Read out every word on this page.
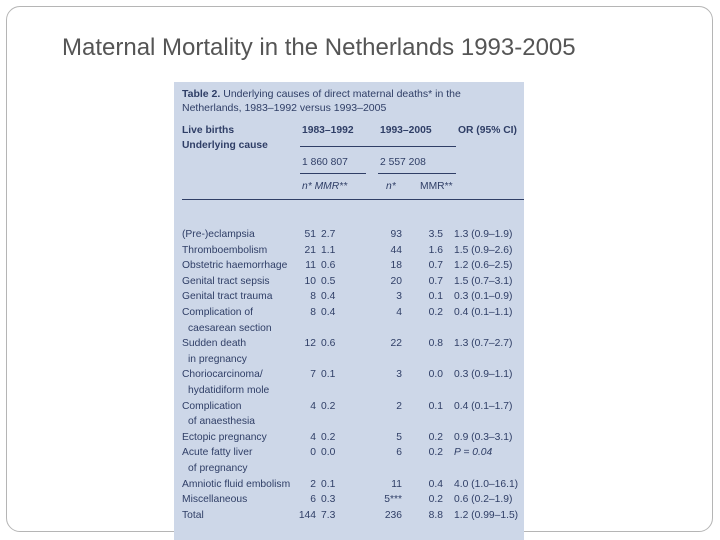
Maternal Mortality in the Netherlands 1993-2005
Table 2. Underlying causes of direct maternal deaths* in the Netherlands, 1983–1992 versus 1993–2005
Live births
Underlying cause
1983–1992	1993–2005	OR (95% CI)
1 860 807	2 557 208
n* MMR**	n* MMR**
(Pre-)eclampsia	51 2.7	93	3.5 1.3 (0.9–1.9)
Thromboembolism	21 1.1	44	1.6 1.5 (0.9–2.6)
Obstetric haemorrhage	11 0.6	18	0.7 1.2 (0.6–2.5)
Genital tract sepsis	10 0.5	20	0.7 1.5 (0.7–3.1)
Genital tract trauma	8 0.4	3	0.1 0.3 (0.1–0.9)
Complication of	8 0.4	4	0.2 0.4 (0.1–1.1)
caesarean section
Sudden death	12 0.6	22	0.8 1.3 (0.7–2.7)
in pregnancy
Choriocarcinoma/	7 0.1	3	0.0 0.3 (0.9–1.1)
hydatidiform mole
Complication	4 0.2	2	0.1 0.4 (0.1–1.7)
of anaesthesia
Ectopic pregnancy	4 0.2	5	0.2 0.9 (0.3–3.1)
Acute fatty liver	0 0.0	6	0.2 P = 0.04
of pregnancy
Amniotic fluid embolism	2 0.1	11	0.4 4.0 (1.0–16.1)
Miscellaneous	6 0.3	5***	0.2 0.6 (0.2–1.9)
Total	144 7.3	236	8.8 1.2 (0.99–1.5)
